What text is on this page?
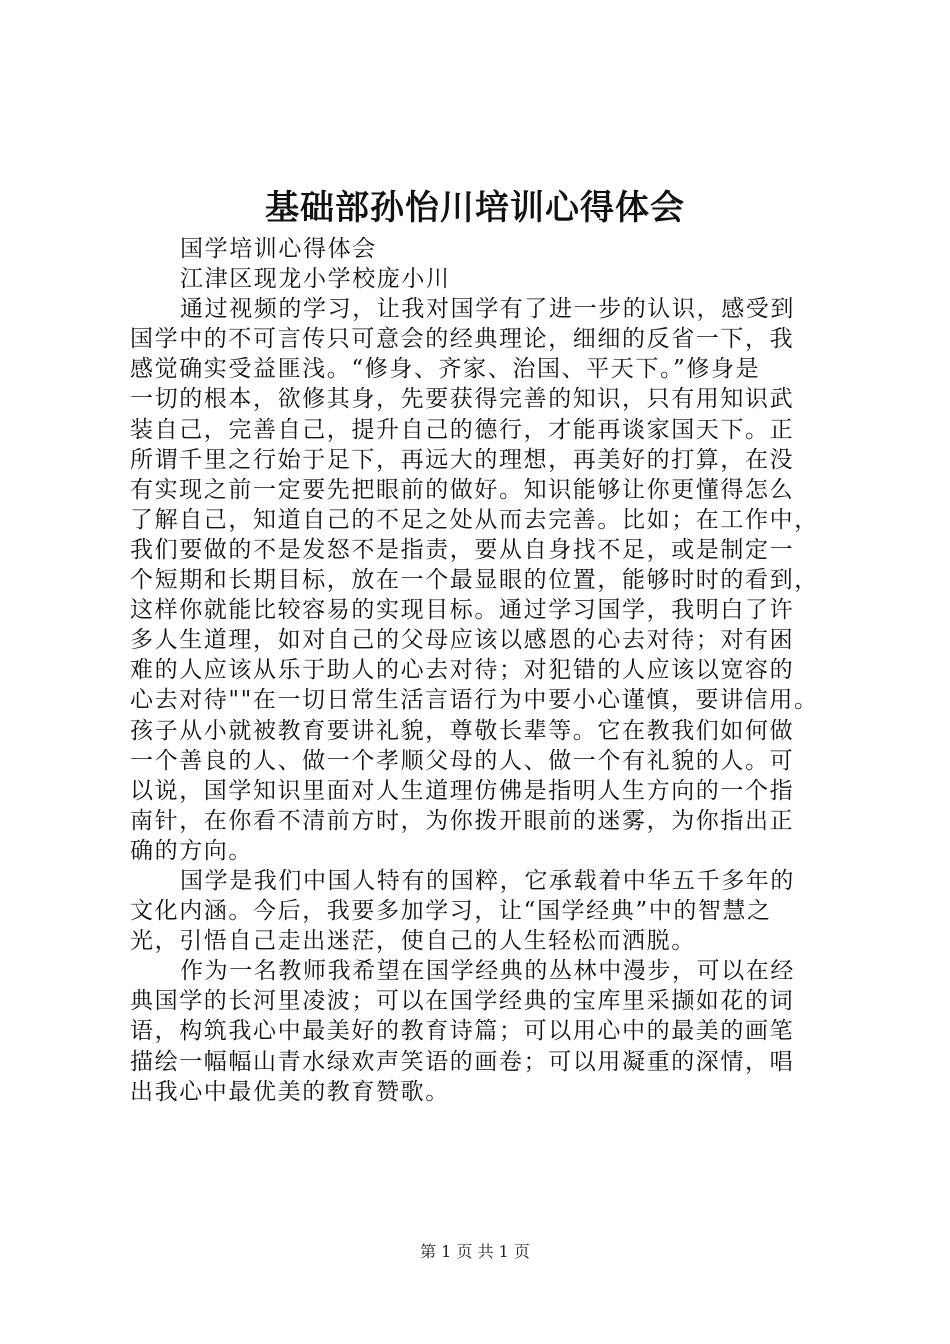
基础部孙怡川培训心得体会

国学培训心得体会

江津区现龙小学校庞小川

通过视频的学习，让我对国学有了进一步的认识，感受到
国学中的不可言传只可意会的经典理论，细细的反省一下，我
感觉确实受益匪浅。“修身、齐家、治国、平天下。”修身是
一切的根本，欲修其身，先要获得完善的知识，只有用知识武
装自己，完善自己，提升自己的德行，才能再谈家国天下。正
所谓千里之行始于足下，再远大的理想，再美好的打算，在没
有实现之前一定要先把眼前的做好。知识能够让你更懂得怎么
了解自己，知道自己的不足之处从而去完善。比如；在工作中，
我们要做的不是发怒不是指责，要从自身找不足，或是制定一
个短期和长期目标，放在一个最显眼的位置，能够时时的看到，
这样你就能比较容易的实现目标。通过学习国学，我明白了许
多人生道理，如对自己的父母应该以感恩的心去对待；对有困
难的人应该从乐于助人的心去对待；对犯错的人应该以宽容的
心去对待""在一切日常生活言语行为中要小心谨慎，要讲信用。
孩子从小就被教育要讲礼貌，尊敬长辈等。它在教我们如何做
一个善良的人、做一个孝顺父母的人、做一个有礼貌的人。可
以说，国学知识里面对人生道理仿佛是指明人生方向的一个指
南针，在你看不清前方时，为你拨开眼前的迷雾，为你指出正
确的方向。

国学是我们中国人特有的国粹，它承载着中华五千多年的
文化内涵。今后，我要多加学习，让“国学经典”中的智慧之
光，引悟自己走出迷茫，使自己的人生轻松而洒脱。

作为一名教师我希望在国学经典的丛林中漫步，可以在经
典国学的长河里凌波；可以在国学经典的宝库里采撷如花的词
语，构筑我心中最美好的教育诗篇；可以用心中的最美的画笔
描绘一幅幅山青水绿欢声笑语的画卷；可以用凝重的深情，唱
出我心中最优美的教育赞歌。

第 1 页 共 1 页
